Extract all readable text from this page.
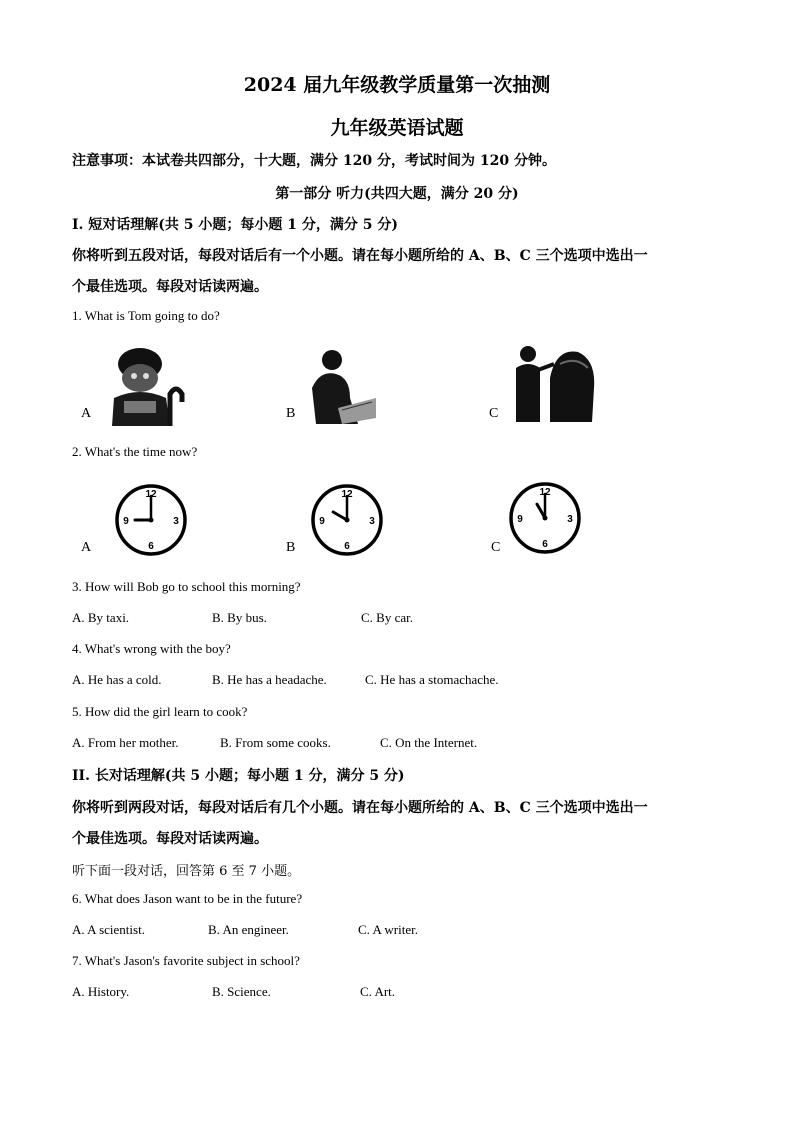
2024 届九年级教学质量第一次抽测
九年级英语试题
注意事项：本试卷共四部分，十大题，满分 120 分，考试时间为 120 分钟。
第一部分 听力(共四大题，满分 20 分)
I. 短对话理解(共 5 小题；每小题 1 分，满分 5 分)
你将听到五段对话，每段对话后有一个小题。请在每小题所给的 A、B、C 三个选项中选出一
个最佳选项。每段对话读两遍。
1. What is Tom going to do?
A	B	C
2. What's the time now?
A	B	C
12
3
6
9
12
3
6
9
12
3
6
9
3. How will Bob go to school this morning?
A. By taxi.	B. By bus.	C. By car.
4. What's wrong with the boy?
A. He has a cold.	B. He has a headache.	C. He has a stomachache.
5. How did the girl learn to cook?
A. From her mother.	B. From some cooks.	C. On the Internet.
II. 长对话理解(共 5 小题；每小题 1 分，满分 5 分)
你将听到两段对话，每段对话后有几个小题。请在每小题所给的 A、B、C 三个选项中选出一
个最佳选项。每段对话读两遍。
听下面一段对话，回答第 6 至 7 小题。
6. What does Jason want to be in the future?
A. A scientist.	B. An engineer.	C. A writer.
7. What's Jason's favorite subject in school?
A. History.	B. Science.	C. Art.
